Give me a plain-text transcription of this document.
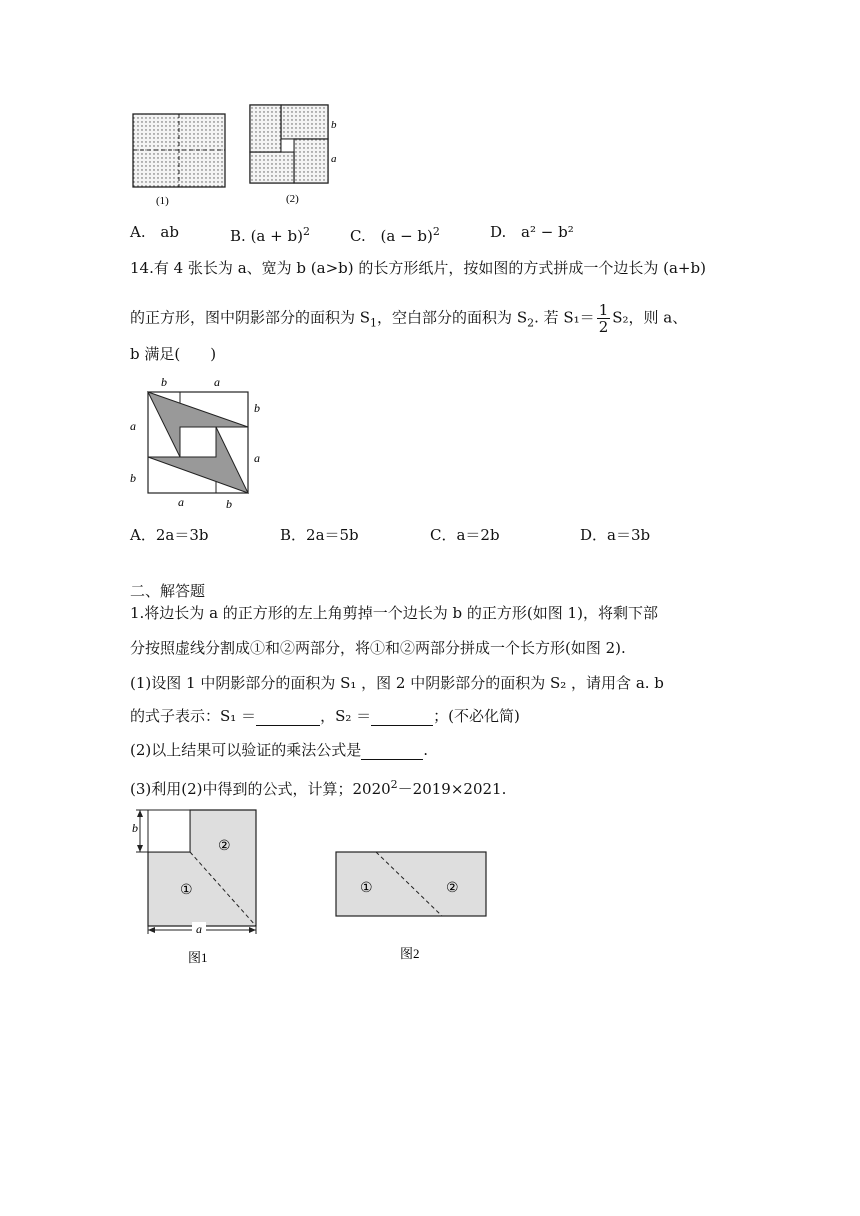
(1)
b
a
(2)
A. ab	B. $(a + b)^2$	C. $(a - b)^2$	D. a² − b²
14.有 4 张长为 a、宽为 b (a>b) 的长方形纸片，按如图的方式拼成一个边长为 (a+b)
的正方形，图中阴影部分的面积为 $S_1$，空白部分的面积为 $S_2$. 若 $S_1= \frac{1}{2} S_2$，则 a、
b 满足(　　)
b	a
a
b
b
a
a	b
A．2a＝3b	B．2a＝5b	C．a＝2b	D．a＝3b
二、解答题
1.将边长为 a 的正方形的左上角剪掉一个边长为 b 的正方形(如图 1)，将剩下部
分按照虚线分割成①和②两部分，将①和②两部分拼成一个长方形(如图 2).
(1)设图 1 中阴影部分的面积为 S₁ ，图 2 中阴影部分的面积为 S₂ ，请用含 a. b
的式子表示：S₁ ＝	，S₂ ＝	；(不必化简)
(2)以上结果可以验证的乘法公式是	.
(3)利用(2)中得到的公式，计算；$2020^2-2019\times 2021$.
b
a
①
②
图1
①	②
图2
